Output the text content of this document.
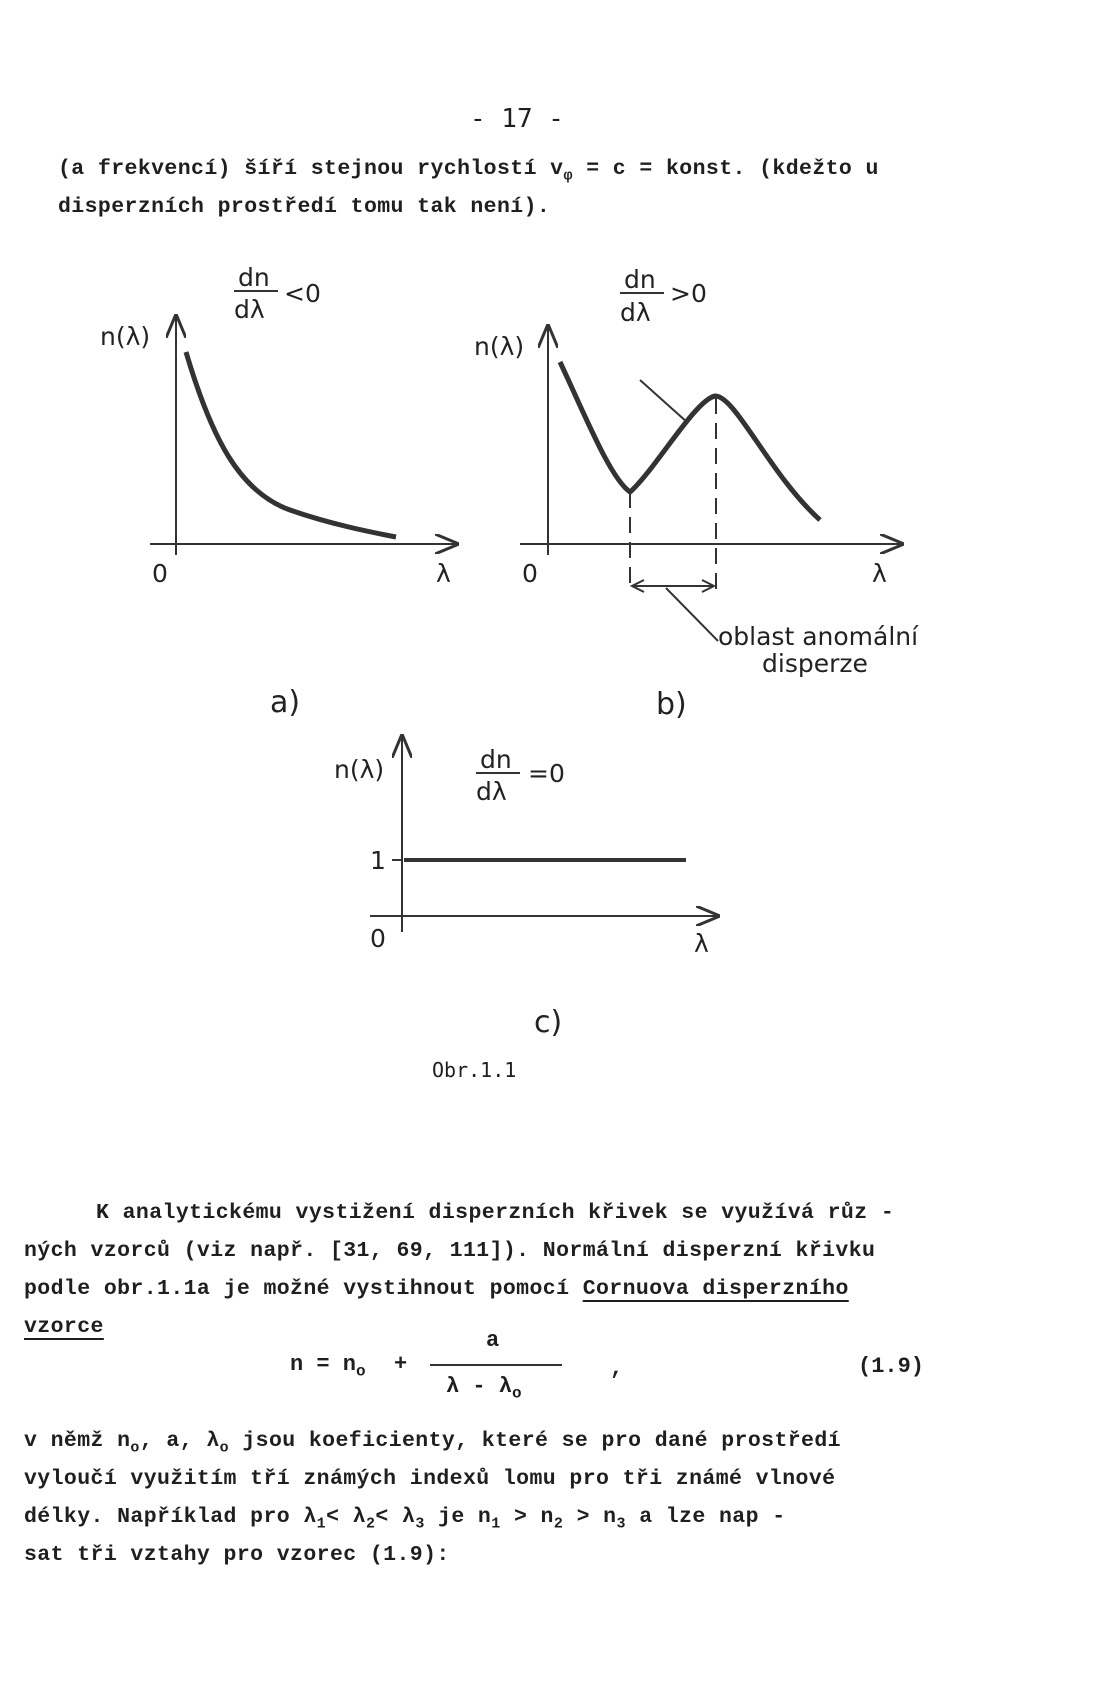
- 17 -
(a frekvencí) šíří stejnou rychlostí $v_\varphi = c$ = konst. (kdežto u
disperzních prostředí tomu tak není).
n(λ)
0	λ
dn
dλ
<0
a)
n(λ)
0	λ
dn
dλ
>0
oblast anomální
disperze
b)
n(λ)
1
0	λ
dn
dλ
=0
c)
Obr.1.1
K analytickému vystižení disperzních křivek se využívá růz -
ných vzorců (viz např. [31, 69, 111]). Normální disperzní křivku
podle obr.1.1a je možné vystihnout pomocí Cornuova disperzního
vzorce
$n = n_o$ +
a
λ - $\lambda_o$
,	(1.9)
v němž $n_o$, a, $\lambda_o$ jsou koeficienty, které se pro dané prostředí
vyloučí využitím tří známých indexů lomu pro tři známé vlnové
délky. Například pro $\lambda_1< \lambda_2< \lambda_3$ je $n_1 > n_2 > n_3$ a lze nap -
sat tři vztahy pro vzorec (1.9):
